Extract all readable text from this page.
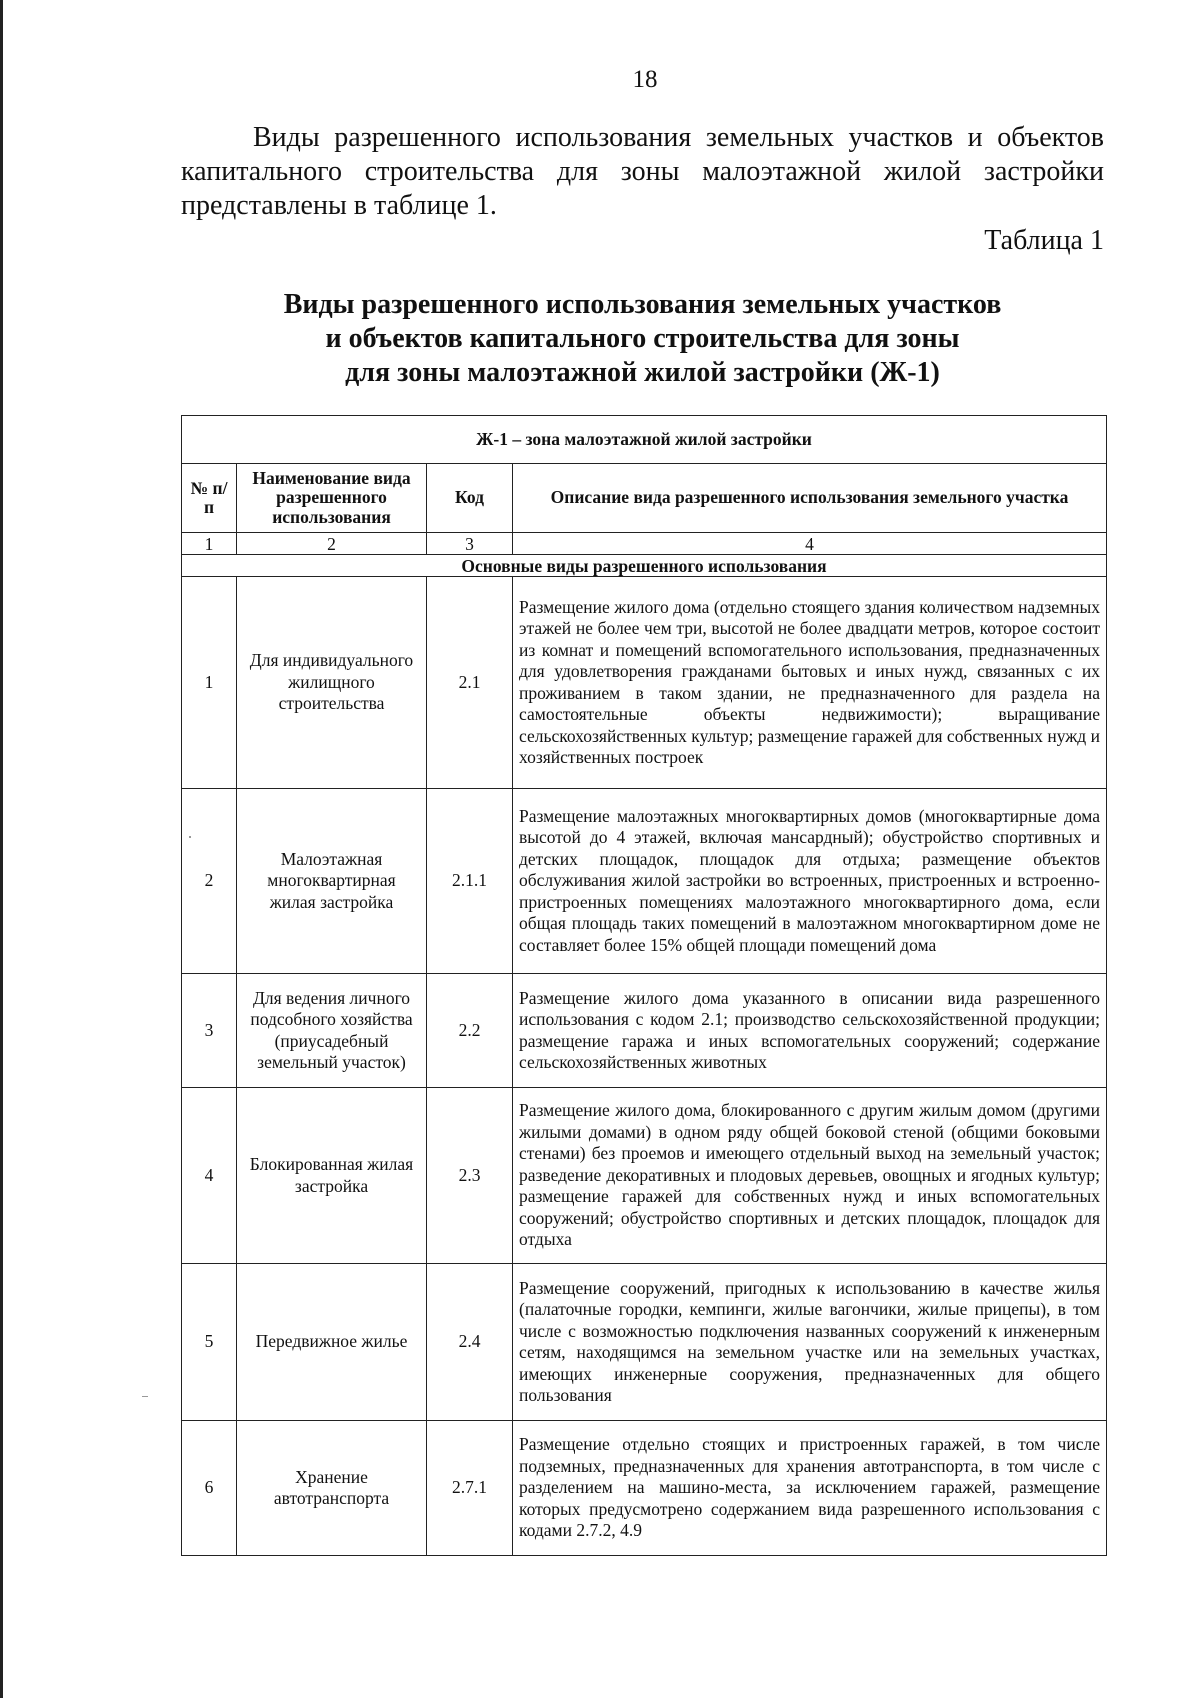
18

Виды разрешенного использования земельных участков и объектов капитального строительства для зоны малоэтажной жилой застройки представлены в таблице 1.

Таблица 1
Виды разрешенного использования земельных участков
и объектов капитального строительства для зоны
для зоны малоэтажной жилой застройки (Ж-1)
Ж-1 – зона малоэтажной жилой застройки			
№ п/п	Наименование вида разрешенного использования	Код	Описание вида разрешенного использования земельного участка
1	2	3	4
Основные виды разрешенного использования			
1	Для индивидуального жилищного строительства	2.1	Размещение жилого дома (отдельно стоящего здания количеством надземных этажей не более чем три, высотой не более двадцати метров, которое состоит из комнат и помещений вспомогательного использования, предназначенных для удовлетворения гражданами бытовых и иных нужд, связанных с их проживанием в таком здании, не предназначенного для раздела на самостоятельные объекты недвижимости); выращивание сельскохозяйственных культур; размещение гаражей для собственных нужд и хозяйственных построек
2	Малоэтажная многоквартирная жилая застройка	2.1.1	Размещение малоэтажных многоквартирных домов (многоквартирные дома высотой до 4 этажей, включая мансардный); обустройство спортивных и детских площадок, площадок для отдыха; размещение объектов обслуживания жилой застройки во встроенных, пристроенных и встроенно-пристроенных помещениях малоэтажного многоквартирного дома, если общая площадь таких помещений в малоэтажном многоквартирном доме не составляет более 15% общей площади помещений дома
3	Для ведения личного подсобного хозяйства (приусадебный земельный участок)	2.2	Размещение жилого дома указанного в описании вида разрешенного использования с кодом 2.1; производство сельскохозяйственной продукции; размещение гаража и иных вспомогательных сооружений; содержание сельскохозяйственных животных
4	Блокированная жилая застройка	2.3	Размещение жилого дома, блокированного с другим жилым домом (другими жилыми домами) в одном ряду общей боковой стеной (общими боковыми стенами) без проемов и имеющего отдельный выход на земельный участок; разведение декоративных и плодовых деревьев, овощных и ягодных культур; размещение гаражей для собственных нужд и иных вспомогательных сооружений; обустройство спортивных и детских площадок, площадок для отдыха
5	Передвижное жилье	2.4	Размещение сооружений, пригодных к использованию в качестве жилья (палаточные городки, кемпинги, жилые вагончики, жилые прицепы), в том числе с возможностью подключения названных сооружений к инженерным сетям, находящимся на земельном участке или на земельных участках, имеющих инженерные сооружения, предназначенных для общего пользования
6	Хранение автотранспорта	2.7.1	Размещение отдельно стоящих и пристроенных гаражей, в том числе подземных, предназначенных для хранения автотранспорта, в том числе с разделением на машино-места, за исключением гаражей, размещение которых предусмотрено содержанием вида разрешенного использования с кодами 2.7.2, 4.9
